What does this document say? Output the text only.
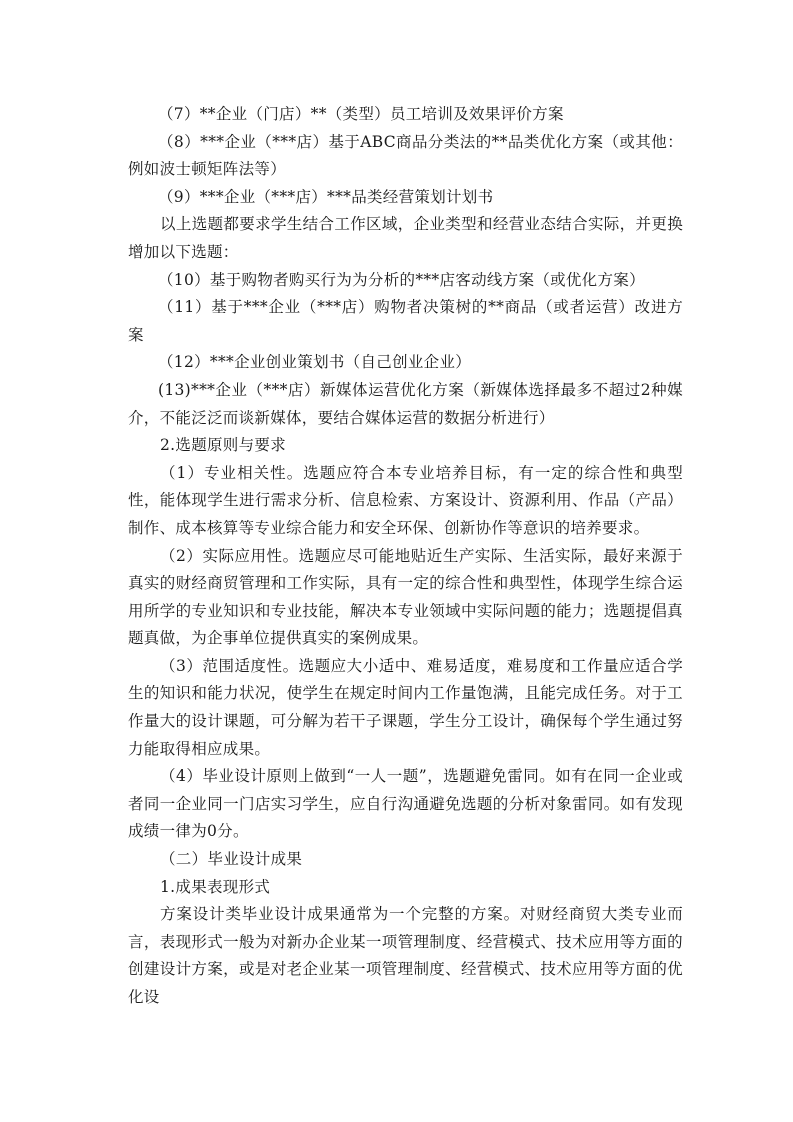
（7）**企业（门店）**（类型）员工培训及效果评价方案

（8）***企业（***店）基于ABC商品分类法的**品类优化方案（或其他：例如波士顿矩阵法等）

（9）***企业（***店）***品类经营策划计划书

以上选题都要求学生结合工作区域，企业类型和经营业态结合实际，并更换增加以下选题：

（10）基于购物者购买行为为分析的***店客动线方案（或优化方案）

（11）基于***企业（***店）购物者决策树的**商品（或者运营）改进方案

（12）***企业创业策划书（自己创业企业）

(13)***企业（***店）新媒体运营优化方案（新媒体选择最多不超过2种媒介，不能泛泛而谈新媒体，要结合媒体运营的数据分析进行）

2.选题原则与要求

（1）专业相关性。选题应符合本专业培养目标，有一定的综合性和典型性，能体现学生进行需求分析、信息检索、方案设计、资源利用、作品（产品）制作、成本核算等专业综合能力和安全环保、创新协作等意识的培养要求。

（2）实际应用性。选题应尽可能地贴近生产实际、生活实际，最好来源于真实的财经商贸管理和工作实际，具有一定的综合性和典型性，体现学生综合运用所学的专业知识和专业技能，解决本专业领域中实际问题的能力；选题提倡真题真做，为企事单位提供真实的案例成果。

（3）范围适度性。选题应大小适中、难易适度，难易度和工作量应适合学生的知识和能力状况，使学生在规定时间内工作量饱满，且能完成任务。对于工作量大的设计课题，可分解为若干子课题，学生分工设计，确保每个学生通过努力能取得相应成果。

（4）毕业设计原则上做到“一人一题”，选题避免雷同。如有在同一企业或者同一企业同一门店实习学生，应自行沟通避免选题的分析对象雷同。如有发现成绩一律为0分。

（二）毕业设计成果

1.成果表现形式

方案设计类毕业设计成果通常为一个完整的方案。对财经商贸大类专业而言，表现形式一般为对新办企业某一项管理制度、经营模式、技术应用等方面的创建设计方案，或是对老企业某一项管理制度、经营模式、技术应用等方面的优化设
